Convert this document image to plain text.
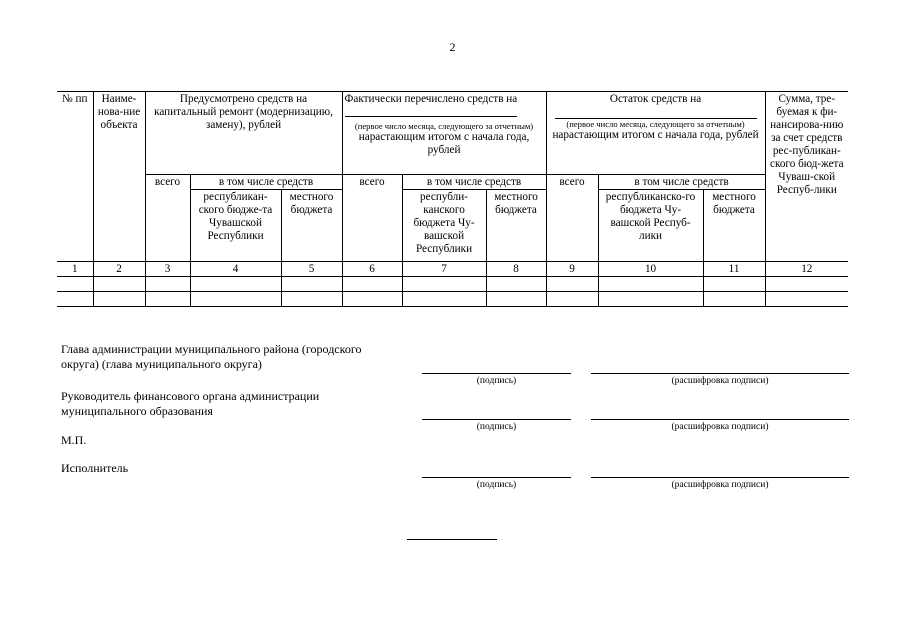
2
№ пп	Наиме-нова-ние объекта	Предусмотрено средств на капитальный ремонт (модернизацию, замену), рублей			Фактически перечислено средств на
(первое число месяца, следующего за отчетным)
нарастающим итогом с начала года, рублей			Остаток средств на
(первое число месяца, следующего за отчетным)
нарастающим итогом с начала года, рублей			Сумма, тре-буемая к фи-нансирова-нию за счет средств рес-публикан-ского бюд-жета Чуваш-ской Респуб-лики
		всего	в том числе средств		всего	в том числе средств		всего	в том числе средств		
			республикан-ского бюдже-та Чувашской Республики	местного бюджета		республи-канского бюджета Чу-вашской Республики	местного бюджета		республиканско-го бюджета Чу-вашской Респуб-лики	местного бюджета	
1	2	3	4	5	6	7	8	9	10	11	12

Глава администрации муниципального района (городского округа) (глава муниципального округа)
(подпись)	(расшифровка подписи)
Руководитель финансового органа администрации муниципального образования
(подпись)	(расшифровка подписи)
М.П.
Исполнитель
(подпись)	(расшифровка подписи)
